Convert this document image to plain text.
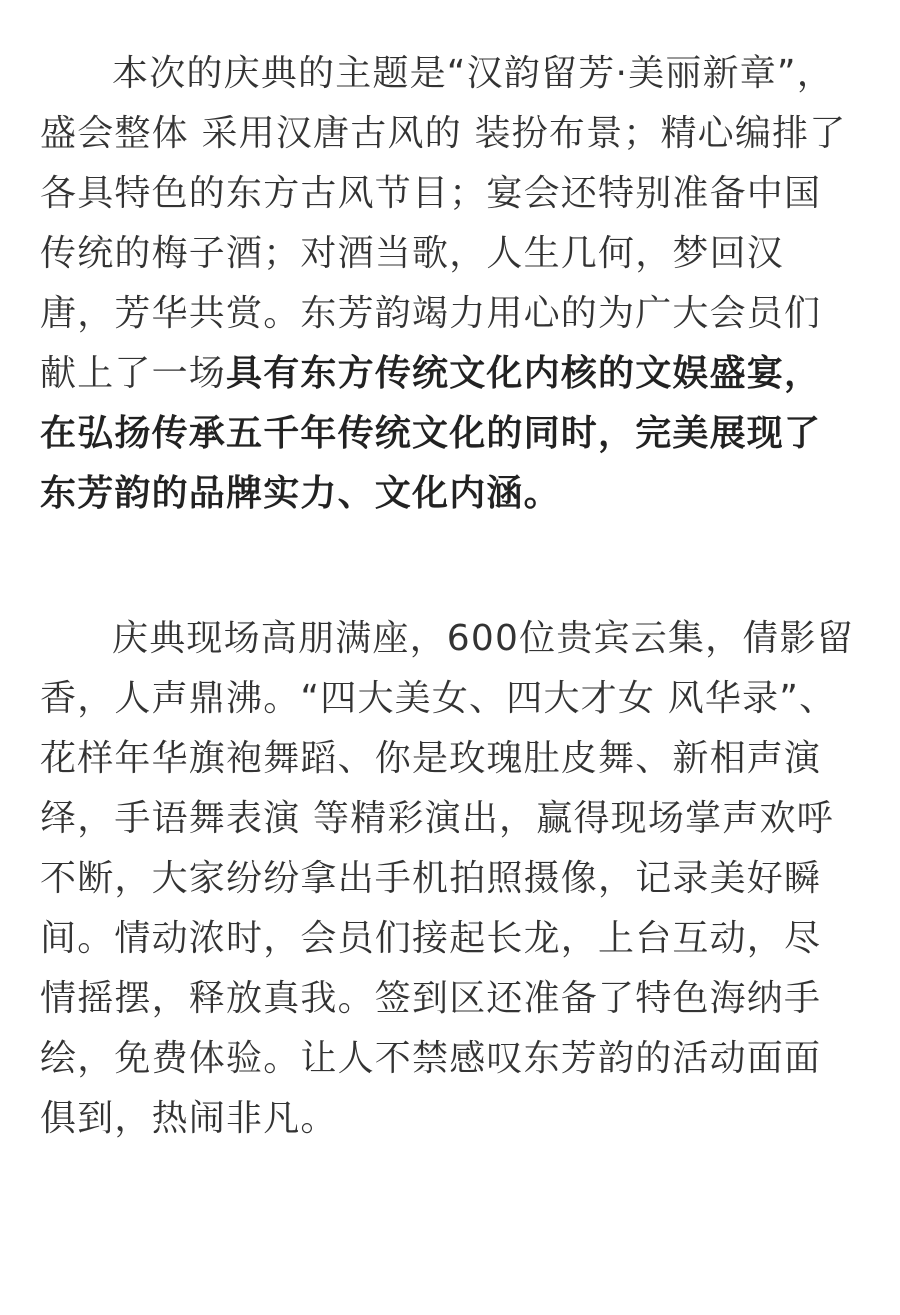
本次的庆典的主题是“汉韵留芳·美丽新章”，
盛会整体 采用汉唐古风的 装扮布景；精心编排了
各具特色的东方古风节目；宴会还特别准备中国
传统的梅子酒；对酒当歌，人生几何，梦回汉
唐，芳华共赏。东芳韵竭力用心的为广大会员们
献上了一场具有东方传统文化内核的文娱盛宴，
在弘扬传承五千年传统文化的同时，完美展现了
东芳韵的品牌实力、文化内涵。
庆典现场高朋满座，600位贵宾云集，倩影留
香，人声鼎沸。“四大美女、四大才女 风华录”、
花样年华旗袍舞蹈、你是玫瑰肚皮舞、新相声演
绎，手语舞表演 等精彩演出，赢得现场掌声欢呼
不断，大家纷纷拿出手机拍照摄像，记录美好瞬
间。情动浓时，会员们接起长龙，上台互动，尽
情摇摆，释放真我。签到区还准备了特色海纳手
绘，免费体验。让人不禁感叹东芳韵的活动面面
俱到，热闹非凡。
